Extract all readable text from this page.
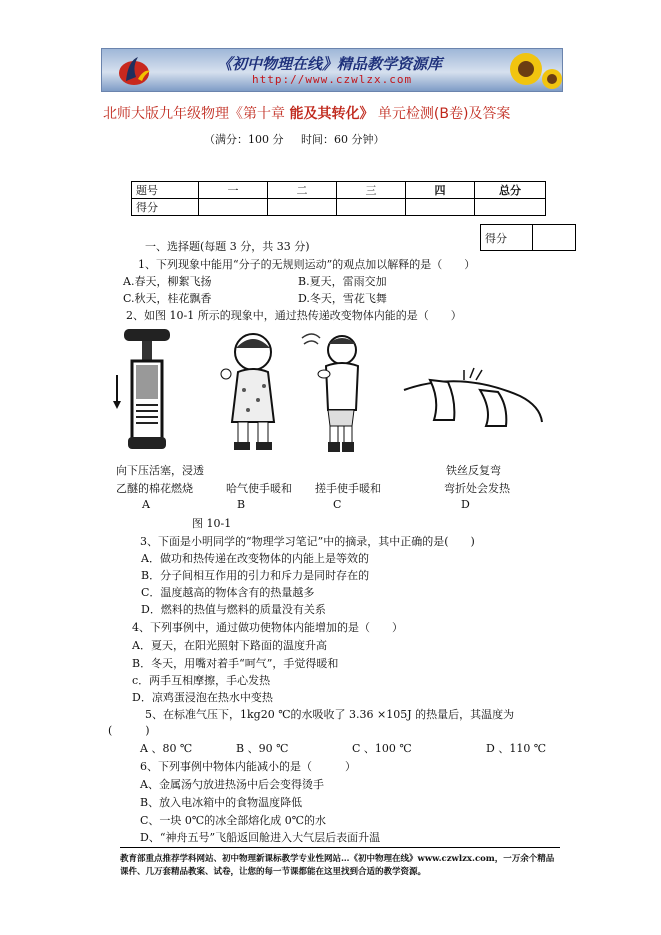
《初中物理在线》精品教学资源库
http://www.czwlzx.com
北师大版九年级物理《第十章 能及其转化》 单元检测(B卷)及答案
（满分：100 分 时间：60 分钟）
题号	一	二	三	四	总分
得分					
得分	
一、选择题(每题 3 分，共 33 分)
1、下列现象中能用“分子的无规则运动”的观点加以解释的是（　　）
A.春天，柳絮飞扬	B.夏天，雷雨交加
C.秋天，桂花飘香	D.冬天，雪花飞舞
2、如图 10-1 所示的现象中，通过热传递改变物体内能的是（　　）
向下压活塞，浸透
乙醚的棉花燃烧	哈气使手暖和 搓手使手暖和
铁丝反复弯
弯折处会发热
A	B	C	D
图 10-1
3、下面是小明同学的“物理学习笔记”中的摘录，其中正确的是(　　)
A．做功和热传递在改变物体的内能上是等效的
B．分子间相互作用的引力和斥力是同时存在的
C．温度越高的物体含有的热量越多
D．燃料的热值与燃料的质量没有关系
4、下列事例中，通过做功使物体内能增加的是（　　）
A．夏天，在阳光照射下路面的温度升高
B．冬天，用嘴对着手“呵气”，手觉得暖和
c．两手互相摩擦，手心发热
D．凉鸡蛋浸泡在热水中变热
5、在标准气压下，1kg20 ℃的水吸收了 3.36 ×105J 的热量后，其温度为
(　　　)
A 、80 ℃	B 、90 ℃	C 、100 ℃	D 、110 ℃
6、下列事例中物体内能减小的是（　　　）
A、金属汤勺放进热汤中后会变得烫手
B、放入电冰箱中的食物温度降低
C、一块 0℃的冰全部熔化成 0℃的水
D、“神舟五号”飞船返回舱进入大气层后表面升温
教育部重点推荐学科网站、初中物理新课标教学专业性网站…《初中物理在线》www.czwlzx.com，一万余个精品课件、几万套精品教案、试卷，让您的每一节课都能在这里找到合适的教学资源。
